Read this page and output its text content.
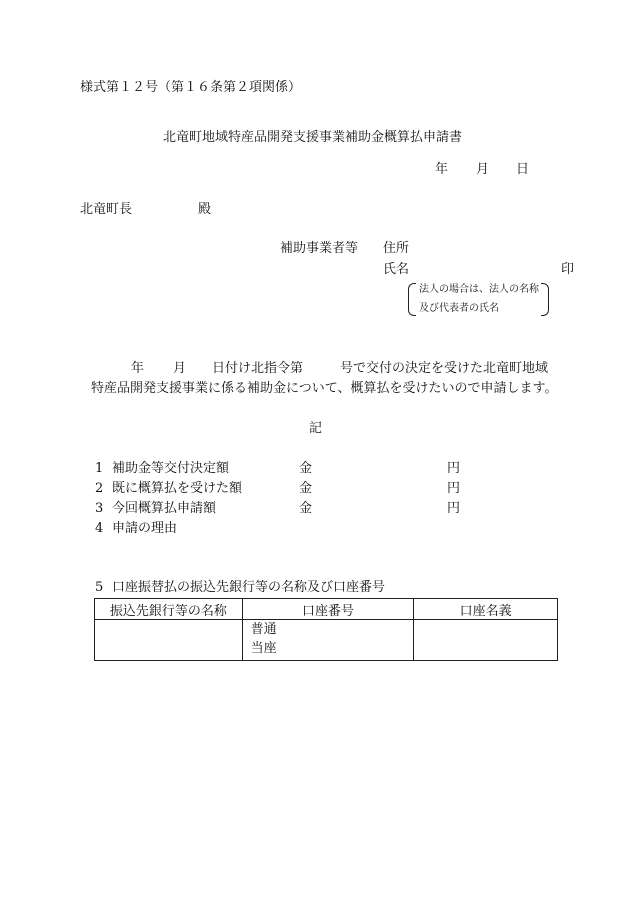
様式第１２号（第１６条第２項関係）
北竜町地域特産品開発支援事業補助金概算払申請書
年 月 日
北竜町長	殿
補助事業者等 住所
氏名	印
法人の場合は、法人の名称
及び代表者の氏名
年 月 日付け北指令第	号で交付の決定を受けた北竜町地域
特産品開発支援事業に係る補助金について、概算払を受けたいので申請します。
記
1 補助金等交付決定額	金	円
2 既に概算払を受けた額	金	円
3 今回概算払申請額	金	円
4 申請の理由
5 口座振替払の振込先銀行等の名称及び口座番号
振込先銀行等の名称	口座番号	口座名義

	普通
当座	
